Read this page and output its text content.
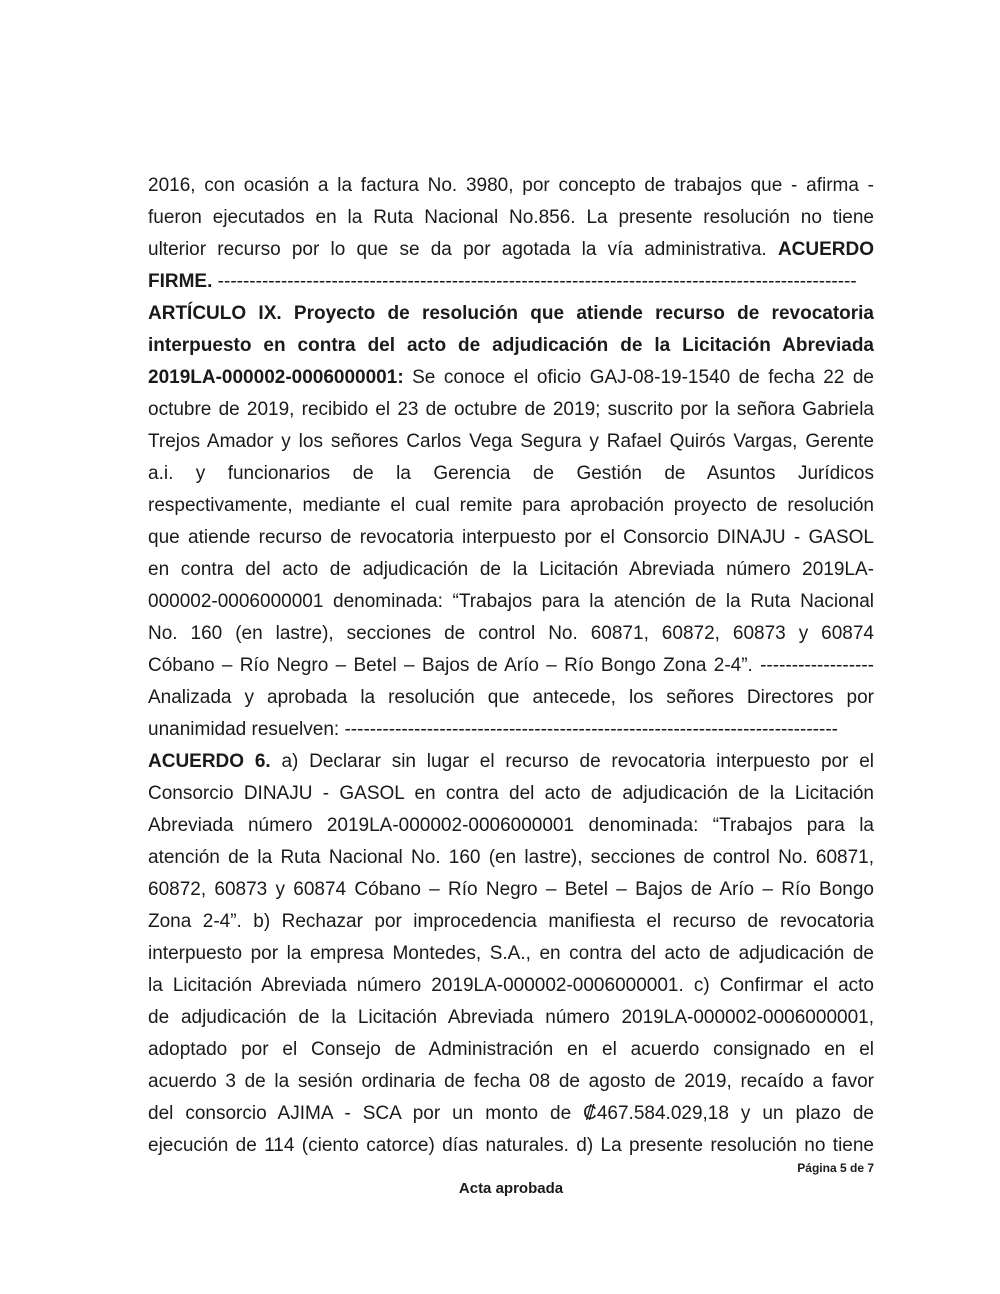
2016, con ocasión a la factura No. 3980, por concepto de trabajos que - afirma -
fueron ejecutados en la Ruta Nacional No.856. La presente resolución no tiene
ulterior recurso por lo que se da por agotada la vía administrativa. ACUERDO
FIRME. -----------------------------------------------------------------------------------------------------
ARTÍCULO IX. Proyecto de resolución que atiende recurso de revocatoria
interpuesto en contra del acto de adjudicación de la Licitación Abreviada
2019LA-000002-0006000001: Se conoce el oficio GAJ-08-19-1540 de fecha 22 de
octubre de 2019, recibido el 23 de octubre de 2019; suscrito por la señora Gabriela
Trejos Amador y los señores Carlos Vega Segura y Rafael Quirós Vargas, Gerente
a.i. y funcionarios de la Gerencia de Gestión de Asuntos Jurídicos
respectivamente, mediante el cual remite para aprobación proyecto de resolución
que atiende recurso de revocatoria interpuesto por el Consorcio DINAJU - GASOL
en contra del acto de adjudicación de la Licitación Abreviada número 2019LA-
000002-0006000001 denominada: “Trabajos para la atención de la Ruta Nacional
No. 160 (en lastre), secciones de control No. 60871, 60872, 60873 y 60874
Cóbano – Río Negro – Betel – Bajos de Arío – Río Bongo Zona 2-4”. ------------------
Analizada y aprobada la resolución que antecede, los señores Directores por
unanimidad resuelven: ------------------------------------------------------------------------------
ACUERDO 6. a) Declarar sin lugar el recurso de revocatoria interpuesto por el
Consorcio DINAJU - GASOL en contra del acto de adjudicación de la Licitación
Abreviada número 2019LA-000002-0006000001 denominada: “Trabajos para la
atención de la Ruta Nacional No. 160 (en lastre), secciones de control No. 60871,
60872, 60873 y 60874 Cóbano – Río Negro – Betel – Bajos de Arío – Río Bongo
Zona 2-4”. b) Rechazar por improcedencia manifiesta el recurso de revocatoria
interpuesto por la empresa Montedes, S.A., en contra del acto de adjudicación de
la Licitación Abreviada número 2019LA-000002-0006000001. c) Confirmar el acto
de adjudicación de la Licitación Abreviada número 2019LA-000002-0006000001,
adoptado por el Consejo de Administración en el acuerdo consignado en el
acuerdo 3 de la sesión ordinaria de fecha 08 de agosto de 2019, recaído a favor
del consorcio AJIMA - SCA por un monto de ₡467.584.029,18 y un plazo de
ejecución de 114 (ciento catorce) días naturales. d) La presente resolución no tiene
Página 5 de 7
Acta aprobada
